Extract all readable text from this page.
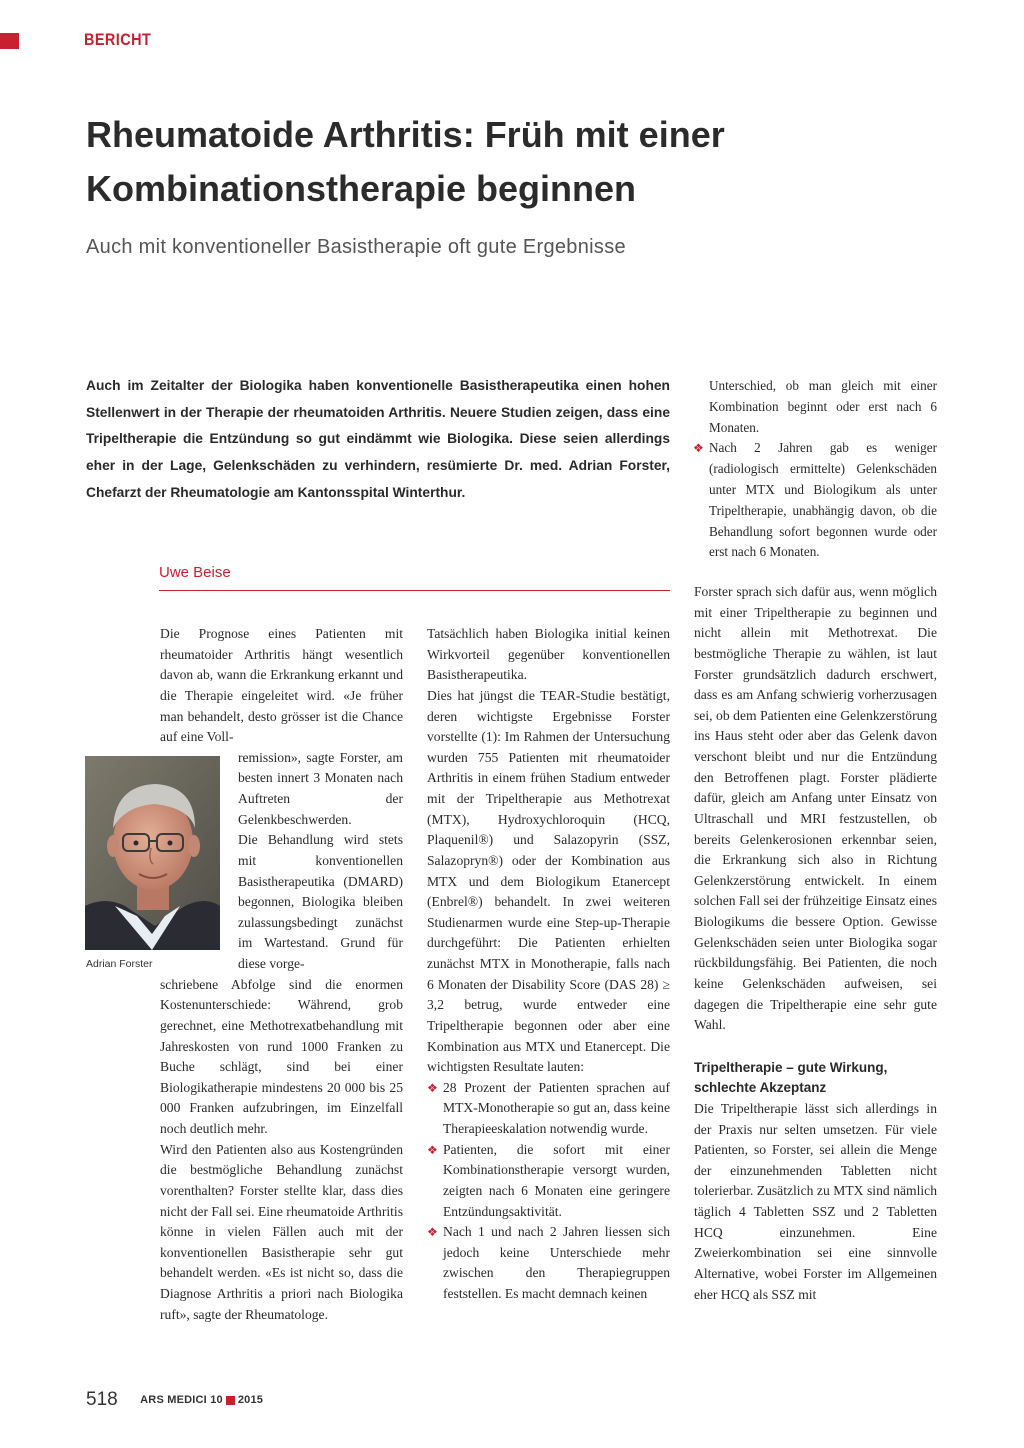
BERICHT
Rheumatoide Arthritis: Früh mit einer
Kombinationstherapie beginnen
Auch mit konventioneller Basistherapie oft gute Ergebnisse

Auch im Zeitalter der Biologika haben konventionelle Basistherapeutika einen hohen Stellenwert in der Therapie der rheumatoiden Arthritis. Neuere Studien zeigen, dass eine Tripeltherapie die Entzündung so gut eindämmt wie Biologika. Diese seien allerdings eher in der Lage, Gelenkschäden zu verhindern, resümierte Dr. med. Adrian Forster, Chefarzt der Rheumatologie am Kantonsspital Winterthur.

Uwe Beise
Adrian Forster

Die Prognose eines Patienten mit rheumatoider Arthritis hängt wesentlich davon ab, wann die Erkrankung erkannt und die Therapie eingeleitet wird. «Je früher man behandelt, desto grösser ist die Chance auf eine Voll-

remission», sagte Forster, am besten innert 3 Monaten nach Auftreten der Gelenkbeschwerden.

Die Behandlung wird stets mit konventionellen Basistherapeutika (DMARD) begonnen, Biologika bleiben zulassungsbedingt zunächst im Wartestand. Grund für diese vorge-

schriebene Abfolge sind die enormen Kostenunterschiede: Während, grob gerechnet, eine Methotrexatbehandlung mit Jahreskosten von rund 1000 Franken zu Buche schlägt, sind bei einer Biologikatherapie mindestens 20 000 bis 25 000 Franken aufzubringen, im Einzelfall noch deutlich mehr.

Wird den Patienten also aus Kostengründen die bestmögliche Behandlung zunächst vorenthalten? Forster stellte klar, dass dies nicht der Fall sei. Eine rheumatoide Arthritis könne in vielen Fällen auch mit der konventionellen Basistherapie sehr gut behandelt werden. «Es ist nicht so, dass die Diagnose Arthritis a priori nach Biologika ruft», sagte der Rheumatologe.

Tatsächlich haben Biologika initial keinen Wirkvorteil gegenüber konventionellen Basistherapeutika.

Dies hat jüngst die TEAR-Studie bestätigt, deren wichtigste Ergebnisse Forster vorstellte (1): Im Rahmen der Untersuchung wurden 755 Patienten mit rheumatoider Arthritis in einem frühen Stadium entweder mit der Tripeltherapie aus Methotrexat (MTX), Hydroxychloroquin (HCQ, Plaquenil®) und Salazopyrin (SSZ, Salazopryn®) oder der Kombination aus MTX und dem Biologikum Etanercept (Enbrel®) behandelt. In zwei weiteren Studienarmen wurde eine Step-up-Therapie durchgeführt: Die Patienten erhielten zunächst MTX in Monotherapie, falls nach 6 Monaten der Disability Score (DAS 28) ≥ 3,2 betrug, wurde entweder eine Tripeltherapie begonnen oder aber eine Kombination aus MTX und Etanercept. Die wichtigsten Resultate lauten:

❖ 28 Prozent der Patienten sprachen auf MTX-Monotherapie so gut an, dass keine Therapieeskalation notwendig wurde.

❖ Patienten, die sofort mit einer Kombinationstherapie versorgt wurden, zeigten nach 6 Monaten eine geringere Entzündungsaktivität.

❖ Nach 1 und nach 2 Jahren liessen sich jedoch keine Unterschiede mehr zwischen den Therapiegruppen feststellen. Es macht demnach keinen

Unterschied, ob man gleich mit einer Kombination beginnt oder erst nach 6 Monaten.

❖ Nach 2 Jahren gab es weniger (radiologisch ermittelte) Gelenkschäden unter MTX und Biologikum als unter Tripeltherapie, unabhängig davon, ob die Behandlung sofort begonnen wurde oder erst nach 6 Monaten.

Forster sprach sich dafür aus, wenn möglich mit einer Tripeltherapie zu beginnen und nicht allein mit Methotrexat. Die bestmögliche Therapie zu wählen, ist laut Forster grundsätzlich dadurch erschwert, dass es am Anfang schwierig vorherzusagen sei, ob dem Patienten eine Gelenkzerstörung ins Haus steht oder aber das Gelenk davon verschont bleibt und nur die Entzündung den Betroffenen plagt. Forster plädierte dafür, gleich am Anfang unter Einsatz von Ultraschall und MRI festzustellen, ob bereits Gelenkerosionen erkennbar seien, die Erkrankung sich also in Richtung Gelenkzerstörung entwickelt. In einem solchen Fall sei der frühzeitige Einsatz eines Biologikums die bessere Option. Gewisse Gelenkschäden seien unter Biologika sogar rückbildungsfähig. Bei Patienten, die noch keine Gelenkschäden aufweisen, sei dagegen die Tripeltherapie eine sehr gute Wahl.

Tripeltherapie – gute Wirkung, schlechte Akzeptanz

Die Tripeltherapie lässt sich allerdings in der Praxis nur selten umsetzen. Für viele Patienten, so Forster, sei allein die Menge der einzunehmenden Tabletten nicht tolerierbar. Zusätzlich zu MTX sind nämlich täglich 4 Tabletten SSZ und 2 Tabletten HCQ einzunehmen. Eine Zweierkombination sei eine sinnvolle Alternative, wobei Forster im Allgemeinen eher HCQ als SSZ mit

518 ARS MEDICI 10 2015
